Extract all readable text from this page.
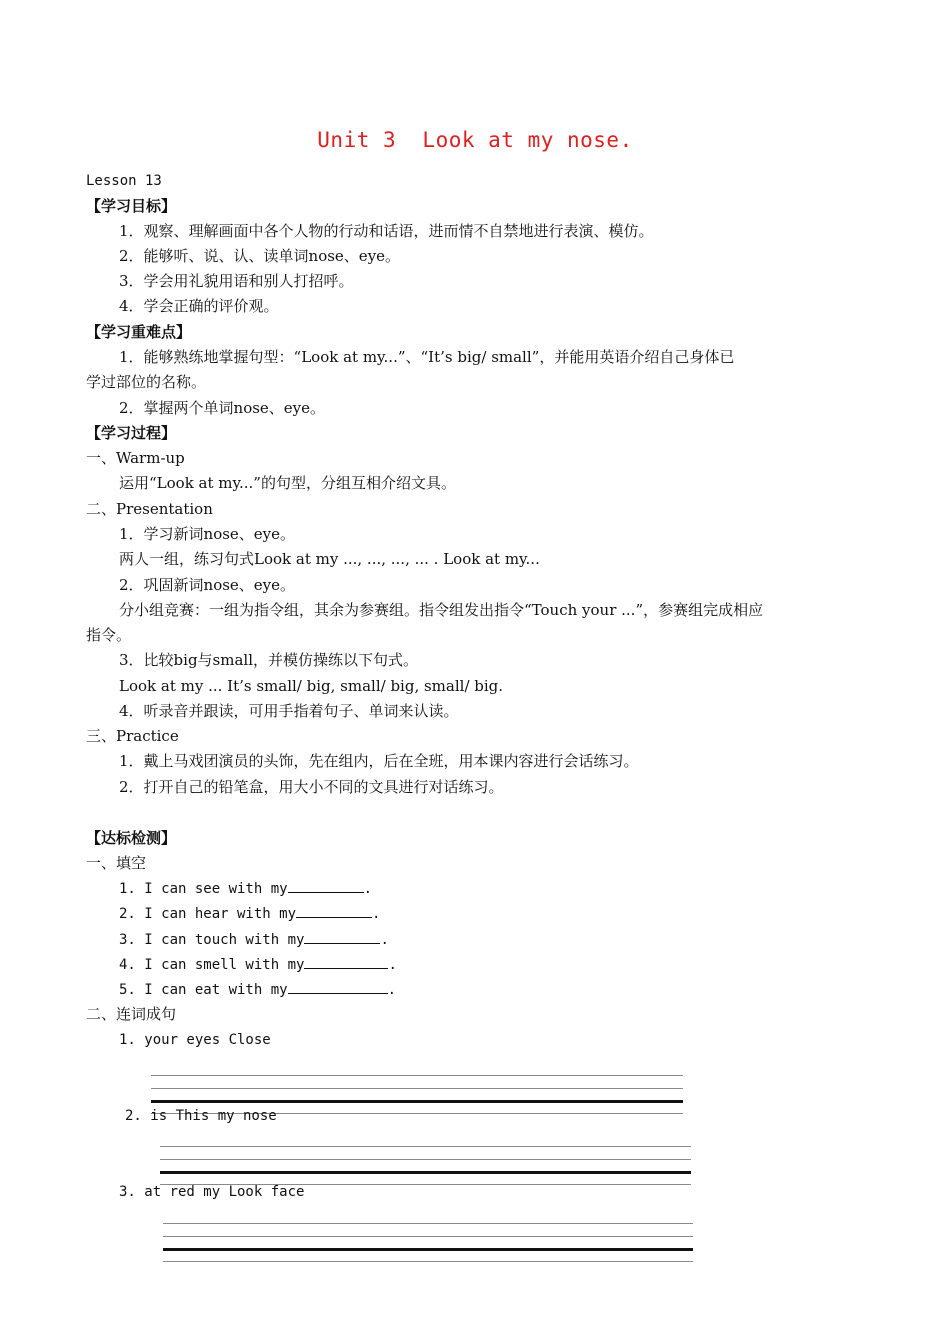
Unit 3  Look at my nose.
Lesson 13
【学习目标】
1．观察、理解画面中各个人物的行动和话语，进而情不自禁地进行表演、模仿。
2．能够听、说、认、读单词nose、eye。
3．学会用礼貌用语和别人打招呼。
4．学会正确的评价观。
【学习重难点】
1．能够熟练地掌握句型：“Look at my...”、“It’s big/ small”，并能用英语介绍自己身体已
学过部位的名称。
2．掌握两个单词nose、eye。
【学习过程】
一、Warm-up
运用“Look at my...”的句型，分组互相介绍文具。
二、Presentation
1．学习新词nose、eye。
两人一组，练习句式Look at my ..., ..., ..., ... . Look at my...
2．巩固新词nose、eye。
分小组竞赛：一组为指令组，其余为参赛组。指令组发出指令“Touch your ...”，参赛组完成相应
指令。
3．比较big与small，并模仿操练以下句式。
Look at my ... It’s small/ big, small/ big, small/ big.
4．听录音并跟读，可用手指着句子、单词来认读。
三、Practice
1．戴上马戏团演员的头饰，先在组内，后在全班，用本课内容进行会话练习。
2．打开自己的铅笔盒，用大小不同的文具进行对话练习。
【达标检测】
一、填空
1. I can see with my	.
2. I can hear with my	.
3. I can touch with my	.
4. I can smell with my	.
5. I can eat with my	.
二、连词成句
1. your eyes Close
2. is This my nose
3. at red my Look face
